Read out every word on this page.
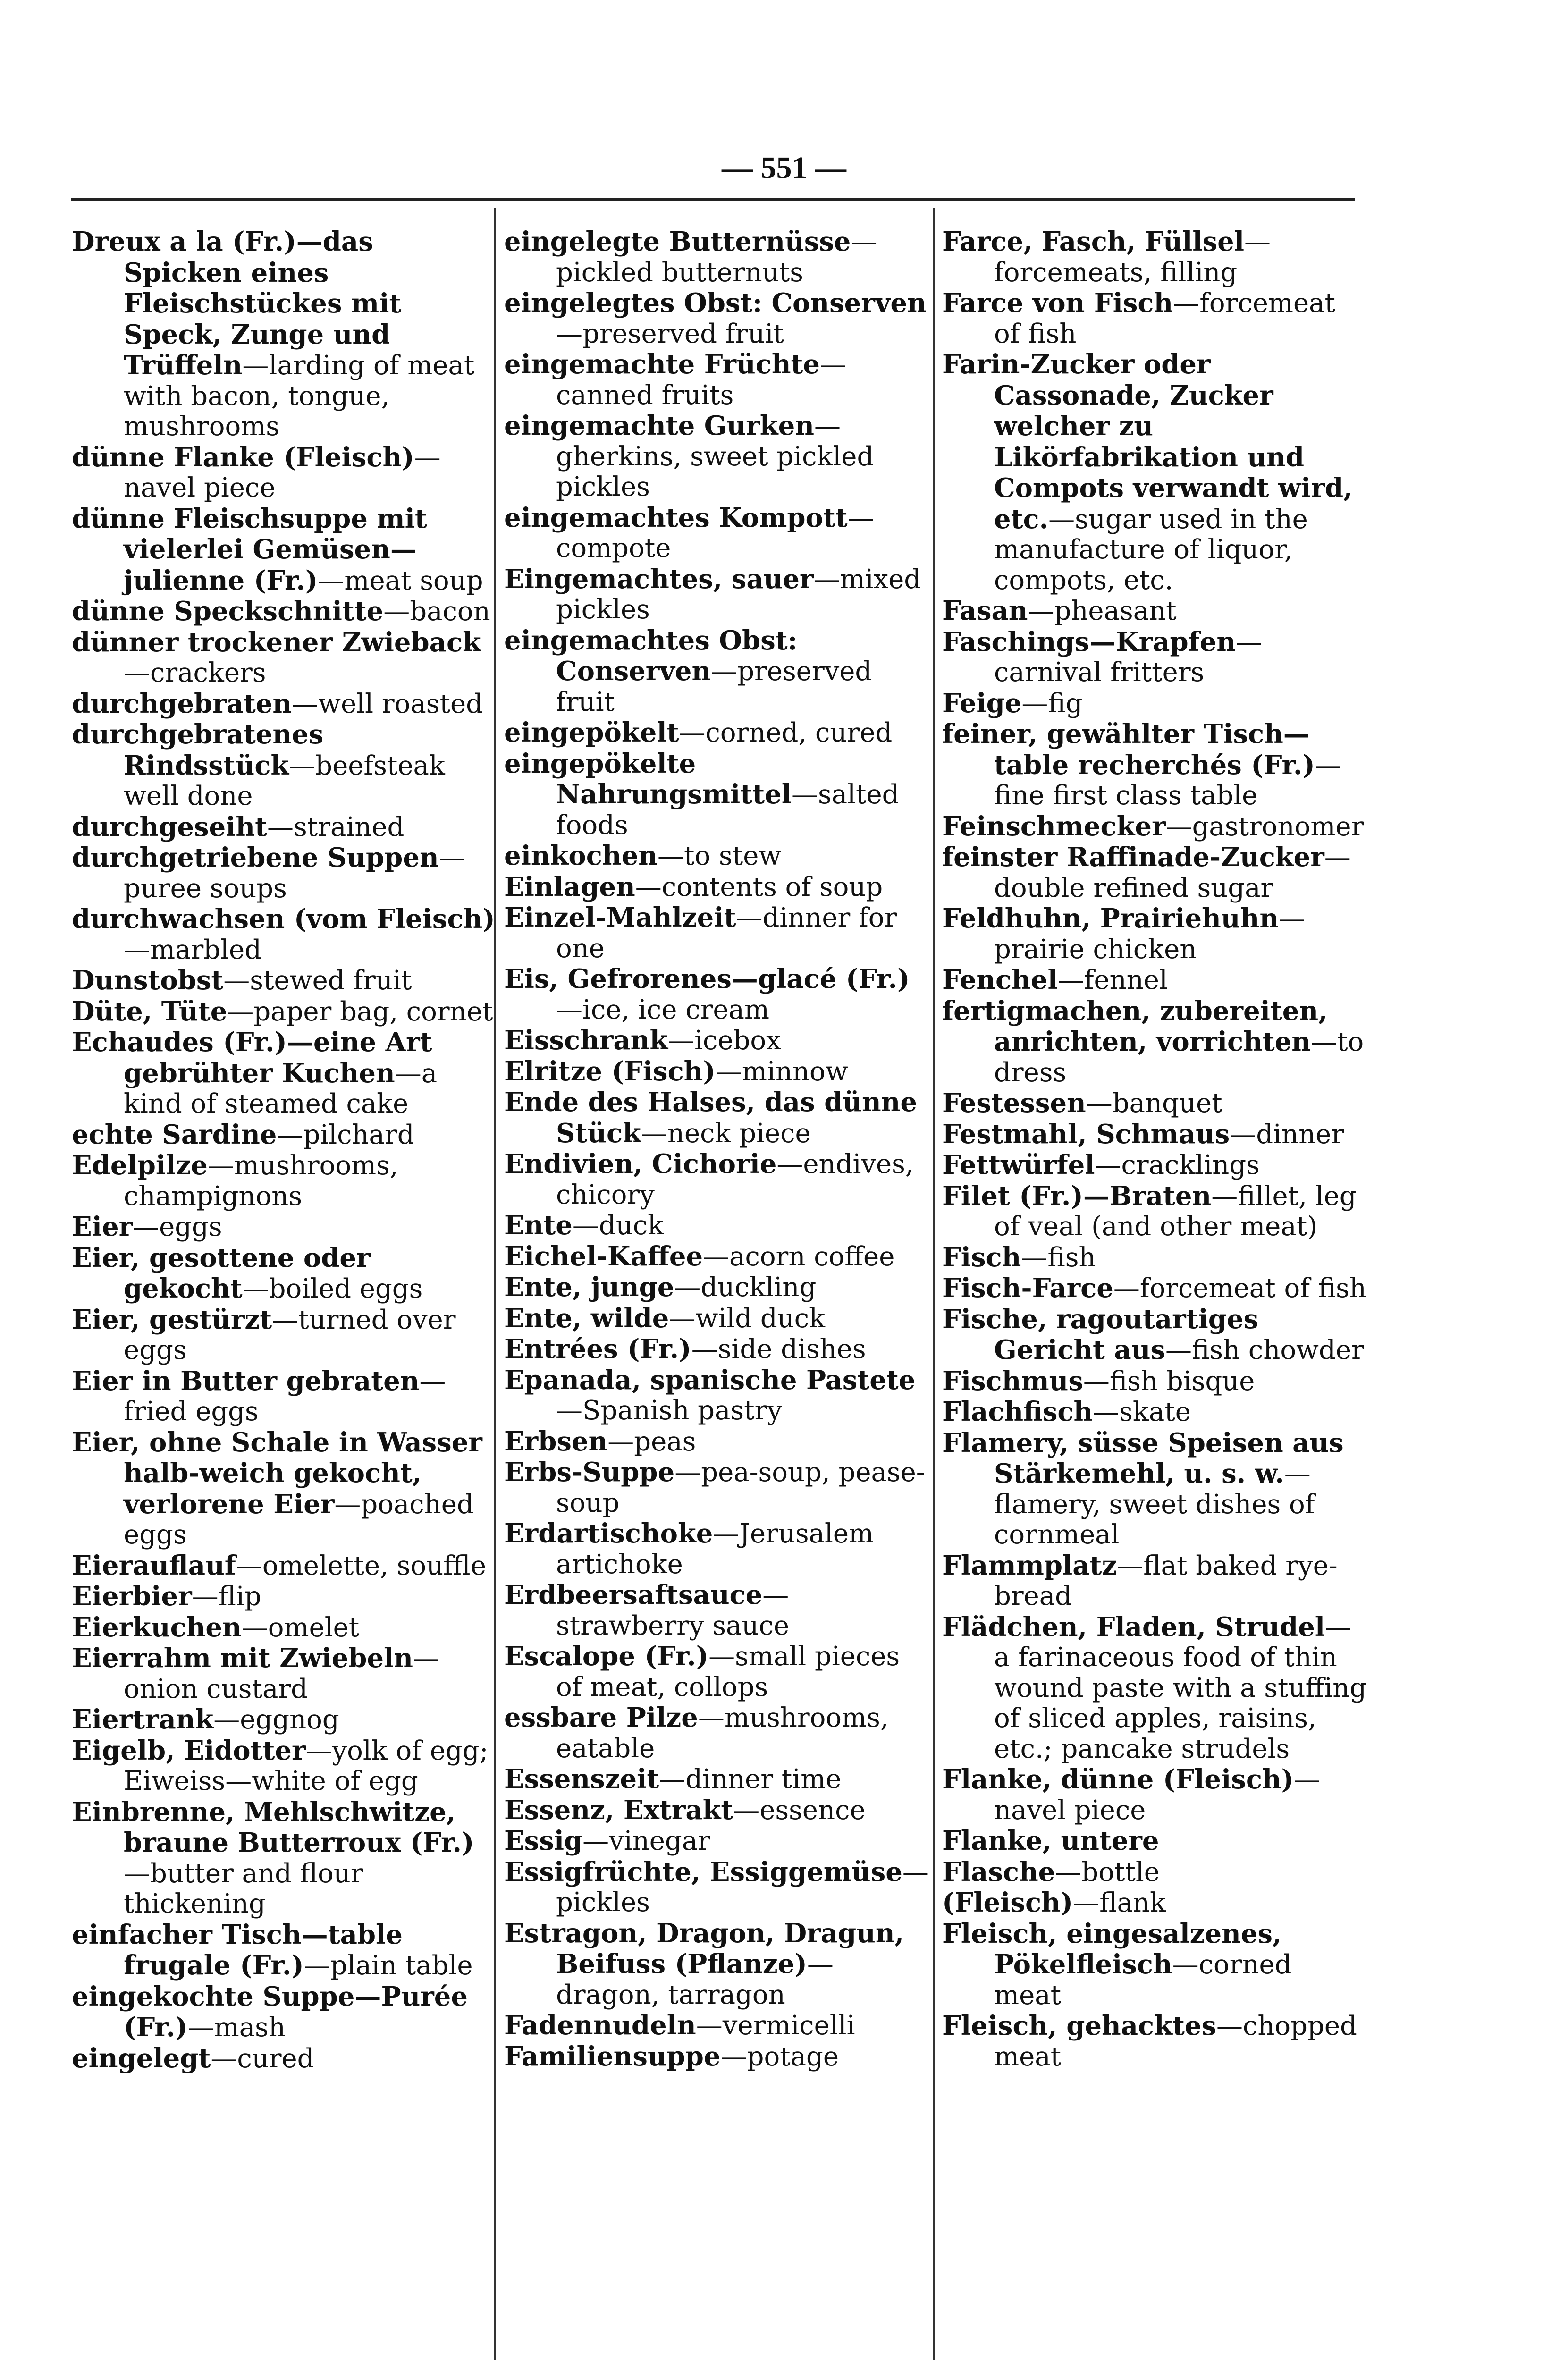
— 551 —
Dreux a la (Fr.)—das Spicken eines Fleischstückes mit Speck, Zunge und Trüffeln—larding of meat with bacon, tongue, mushrooms
dünne Flanke (Fleisch)—navel piece
dünne Fleischsuppe mit vielerlei Gemüsen—julienne (Fr.)—meat soup
dünne Speckschnitte—bacon
dünner trockener Zwieback—crackers
durchgebraten—well roasted
durchgebratenes Rindsstück—beefsteak well done
durchgeseiht—strained
durchgetriebene Suppen—puree soups
durchwachsen (vom Fleisch)—marbled
Dunstobst—stewed fruit
Düte, Tüte—paper bag, cornet
Echaudes (Fr.)—eine Art gebrühter Kuchen—a kind of steamed cake
echte Sardine—pilchard
Edelpilze—mushrooms, champignons
Eier—eggs
Eier, gesottene oder gekocht—boiled eggs
Eier, gestürzt—turned over eggs
Eier in Butter gebraten—fried eggs
Eier, ohne Schale in Wasser halb-weich gekocht, verlorene Eier—poached eggs
Eierauflauf—omelette, souffle
Eierbier—flip
Eierkuchen—omelet
Eierrahm mit Zwiebeln—onion custard
Eiertrank—eggnog
Eigelb, Eidotter—yolk of egg; Eiweiss—white of egg
Einbrenne, Mehlschwitze, braune Butterroux (Fr.)—butter and flour thickening
einfacher Tisch—table frugale (Fr.)—plain table
eingekochte Suppe—Purée (Fr.)—mash
eingelegt—cured
eingelegte Butternüsse—pickled butternuts
eingelegtes Obst: Conserven—preserved fruit
eingemachte Früchte—canned fruits
eingemachte Gurken—gherkins, sweet pickled pickles
eingemachtes Kompott—compote
Eingemachtes, sauer—mixed pickles
eingemachtes Obst: Conserven—preserved fruit
eingepökelt—corned, cured
eingepökelte Nahrungsmittel—salted foods
einkochen—to stew
Einlagen—contents of soup
Einzel-Mahlzeit—dinner for one
Eis, Gefrorenes—glacé (Fr.)—ice, ice cream
Eisschrank—icebox
Elritze (Fisch)—minnow
Ende des Halses, das dünne Stück—neck piece
Endivien, Cichorie—endives, chicory
Ente—duck
Eichel-Kaffee—acorn coffee
Ente, junge—duckling
Ente, wilde—wild duck
Entrées (Fr.)—side dishes
Epanada, spanische Pastete—Spanish pastry
Erbsen—peas
Erbs-Suppe—pea-soup, pease-soup
Erdartischoke—Jerusalem artichoke
Erdbeersaftsauce—strawberry sauce
Escalope (Fr.)—small pieces of meat, collops
essbare Pilze—mushrooms, eatable
Essenszeit—dinner time
Essenz, Extrakt—essence
Essig—vinegar
Essigfrüchte, Essiggemüse—pickles
Estragon, Dragon, Dragun, Beifuss (Pflanze)—dragon, tarragon
Fadennudeln—vermicelli
Familiensuppe—potage
Farce, Fasch, Füllsel—forcemeats, filling
Farce von Fisch—forcemeat of fish
Farin-Zucker oder Cassonade, Zucker welcher zu Likörfabrikation und Compots verwandt wird, etc.—sugar used in the manufacture of liquor, compots, etc.
Fasan—pheasant
Faschings—Krapfen—carnival fritters
Feige—fig
feiner, gewählter Tisch—table recherchés (Fr.)—fine first class table
Feinschmecker—gastronomer
feinster Raffinade-Zucker—double refined sugar
Feldhuhn, Prairiehuhn—prairie chicken
Fenchel—fennel
fertigmachen, zubereiten, anrichten, vorrichten—to dress
Festessen—banquet
Festmahl, Schmaus—dinner
Fettwürfel—cracklings
Filet (Fr.)—Braten—fillet, leg of veal (and other meat)
Fisch—fish
Fisch-Farce—forcemeat of fish
Fische, ragoutartiges Gericht aus—fish chowder
Fischmus—fish bisque
Flachfisch—skate
Flamery, süsse Speisen aus Stärkemehl, u. s. w.—flamery, sweet dishes of cornmeal
Flammplatz—flat baked rye-bread
Flädchen, Fladen, Strudel—a farinaceous food of thin wound paste with a stuffing of sliced apples, raisins, etc.; pancake strudels
Flanke, dünne (Fleisch)—navel piece
Flanke, untere
Flasche—bottle
(Fleisch)—flank
Fleisch, eingesalzenes, Pökelfleisch—corned meat
Fleisch, gehacktes—chopped meat
